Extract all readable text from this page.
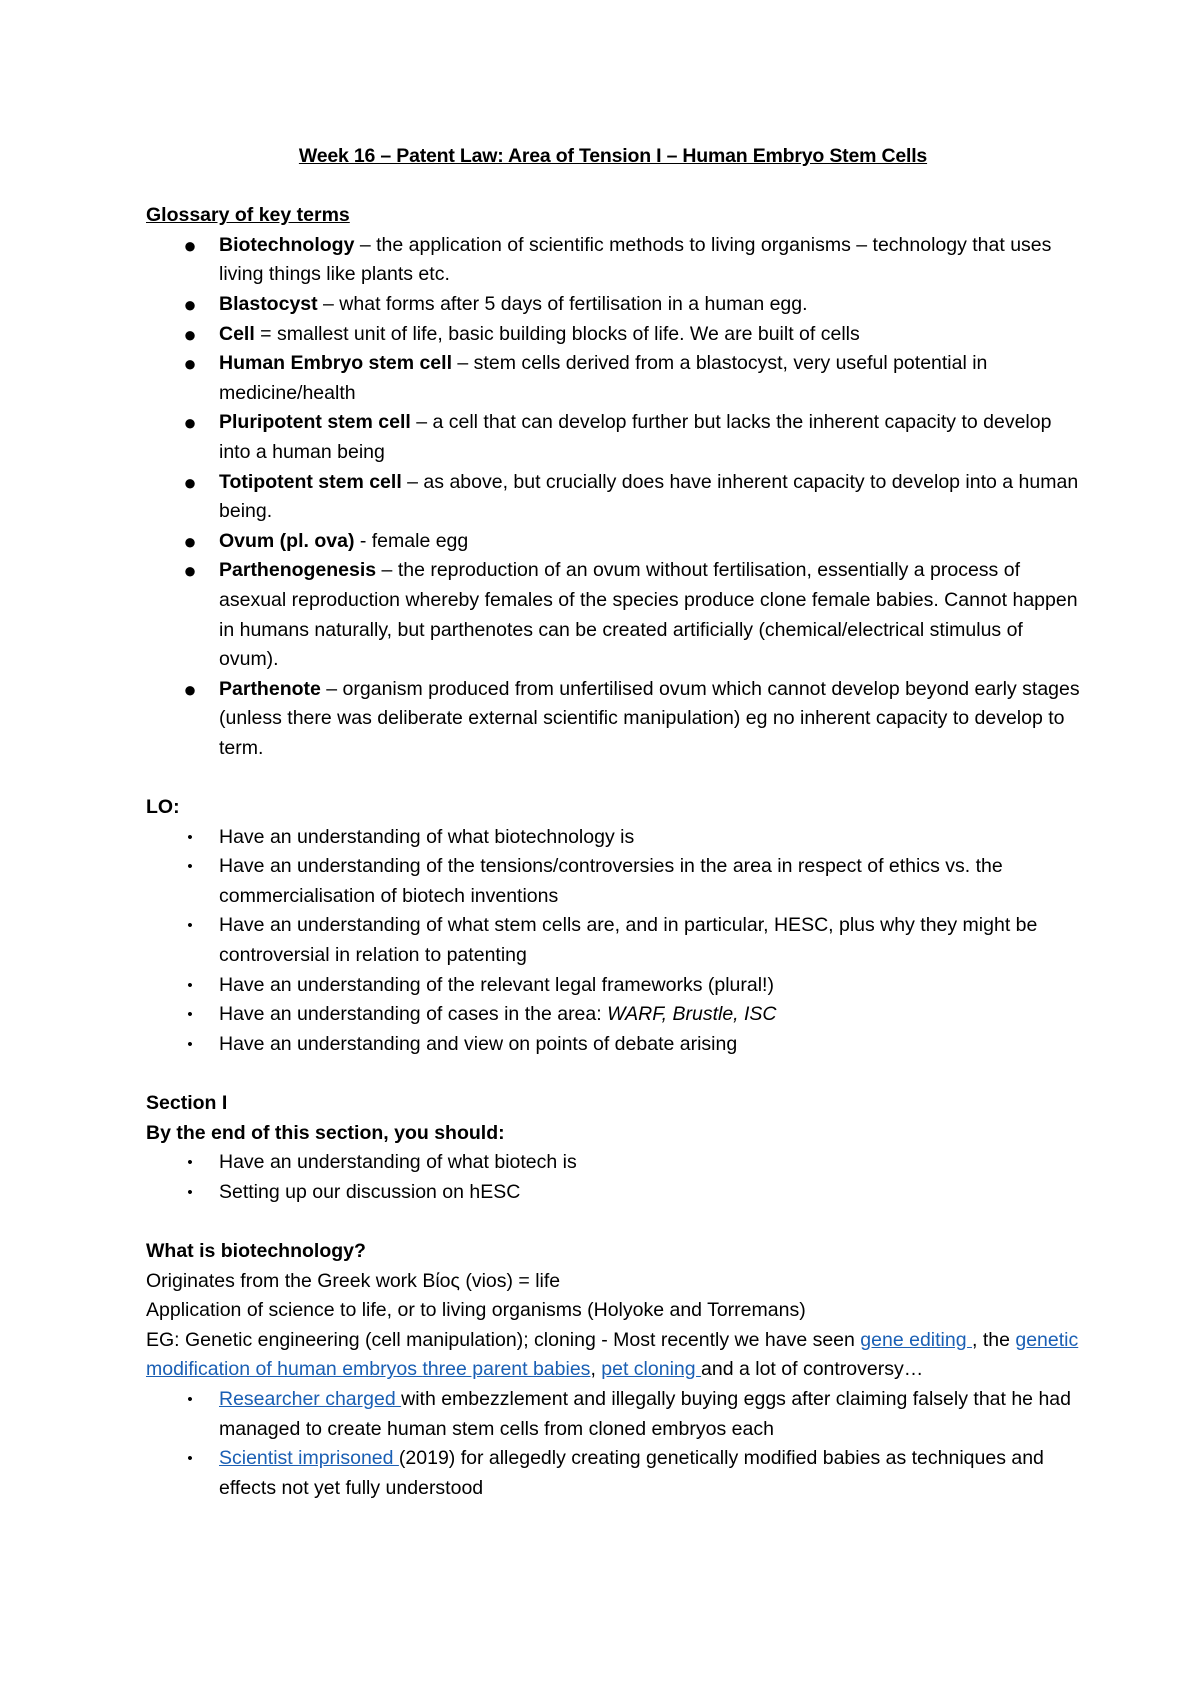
Week 16 – Patent Law: Area of Tension I – Human Embryo Stem Cells

Glossary of key terms

● Biotechnology – the application of scientific methods to living organisms – technology that uses living things like plants etc.
● Blastocyst – what forms after 5 days of fertilisation in a human egg.
● Cell = smallest unit of life, basic building blocks of life. We are built of cells
● Human Embryo stem cell – stem cells derived from a blastocyst, very useful potential in medicine/health
● Pluripotent stem cell – a cell that can develop further but lacks the inherent capacity to develop into a human being
● Totipotent stem cell – as above, but crucially does have inherent capacity to develop into a human being.
● Ovum (pl. ova) - female egg
● Parthenogenesis – the reproduction of an ovum without fertilisation, essentially a process of asexual reproduction whereby females of the species produce clone female babies. Cannot happen in humans naturally, but parthenotes can be created artificially (chemical/electrical stimulus of ovum).
● Parthenote – organism produced from unfertilised ovum which cannot develop beyond early stages (unless there was deliberate external scientific manipulation) eg no inherent capacity to develop to term.

LO:

•	Have an understanding of what biotechnology is
•	Have an understanding of the tensions/controversies in the area in respect of ethics vs. the commercialisation of biotech inventions
•	Have an understanding of what stem cells are, and in particular, HESC, plus why they might be controversial in relation to patenting
•	Have an understanding of the relevant legal frameworks (plural!)
•	Have an understanding of cases in the area: WARF, Brustle, ISC
•	Have an understanding and view on points of debate arising

Section I

By the end of this section, you should:

•	Have an understanding of what biotech is
•	Setting up our discussion on hESC

What is biotechnology?

Originates from the Greek work Bίος (vios) = life

Application of science to life, or to living organisms (Holyoke and Torremans)

EG: Genetic engineering (cell manipulation); cloning - Most recently we have seen gene editing , the genetic modification of human embryos three parent babies, pet cloning and a lot of controversy…

•	Researcher charged with embezzlement and illegally buying eggs after claiming falsely that he had managed to create human stem cells from cloned embryos each
•	Scientist imprisoned (2019) for allegedly creating genetically modified babies as techniques and effects not yet fully understood
